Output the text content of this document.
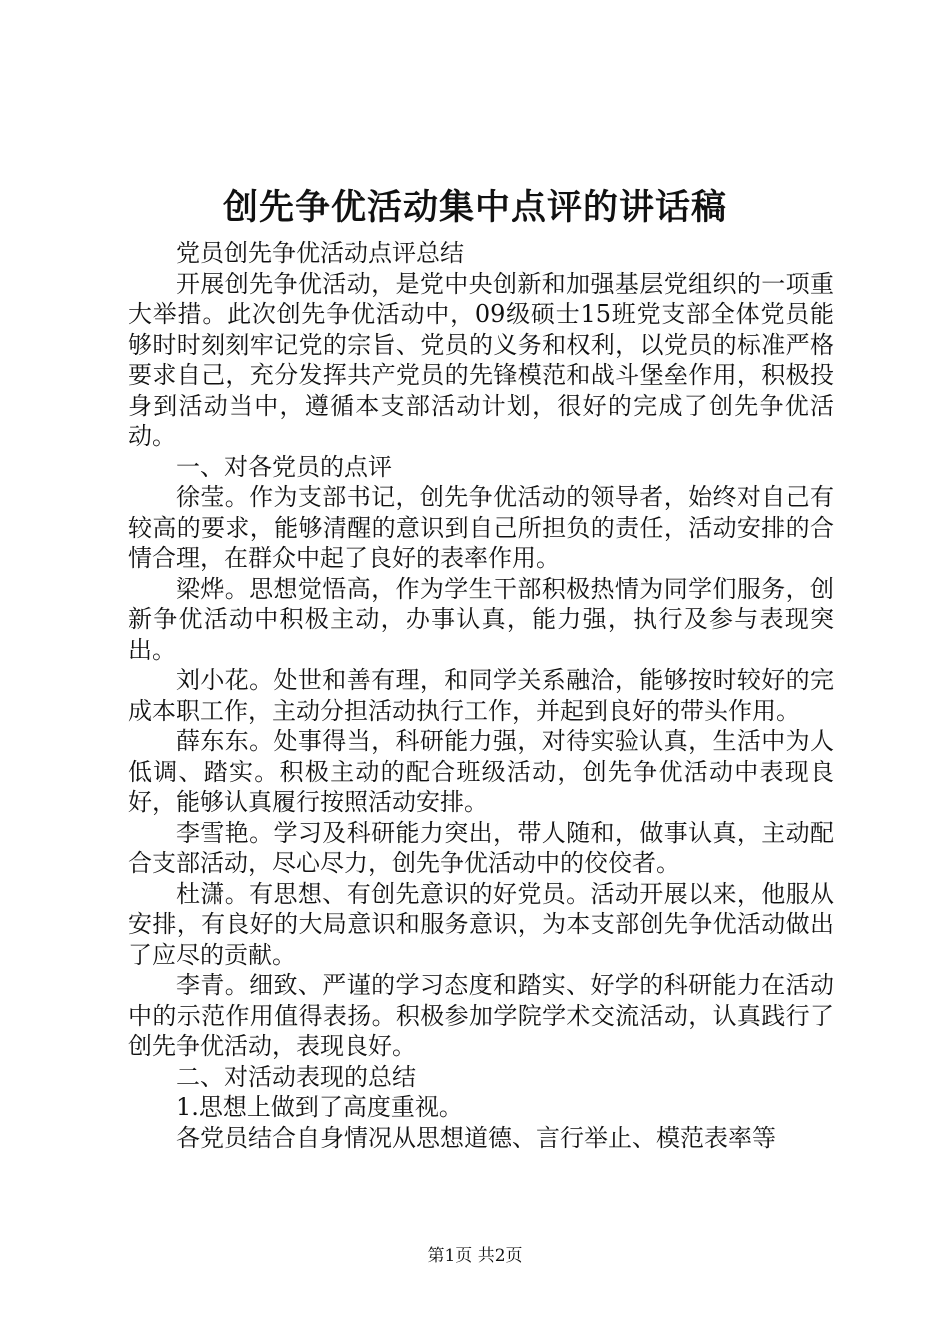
创先争优活动集中点评的讲话稿

党员创先争优活动点评总结

开展创先争优活动，是党中央创新和加强基层党组织的一项重大举措。此次创先争优活动中，09级硕士15班党支部全体党员能够时时刻刻牢记党的宗旨、党员的义务和权利，以党员的标准严格要求自己，充分发挥共产党员的先锋模范和战斗堡垒作用，积极投身到活动当中，遵循本支部活动计划，很好的完成了创先争优活动。

一、对各党员的点评

徐莹。作为支部书记，创先争优活动的领导者，始终对自己有较高的要求，能够清醒的意识到自己所担负的责任，活动安排的合情合理，在群众中起了良好的表率作用。

梁烨。思想觉悟高，作为学生干部积极热情为同学们服务，创新争优活动中积极主动，办事认真，能力强，执行及参与表现突出。

刘小花。处世和善有理，和同学关系融洽，能够按时较好的完成本职工作，主动分担活动执行工作，并起到良好的带头作用。

薛东东。处事得当，科研能力强，对待实验认真，生活中为人低调、踏实。积极主动的配合班级活动，创先争优活动中表现良好，能够认真履行按照活动安排。

李雪艳。学习及科研能力突出，带人随和，做事认真，主动配合支部活动，尽心尽力，创先争优活动中的佼佼者。

杜潇。有思想、有创先意识的好党员。活动开展以来，他服从安排，有良好的大局意识和服务意识，为本支部创先争优活动做出了应尽的贡献。

李青。细致、严谨的学习态度和踏实、好学的科研能力在活动中的示范作用值得表扬。积极参加学院学术交流活动，认真践行了创先争优活动，表现良好。

二、对活动表现的总结

1.思想上做到了高度重视。

各党员结合自身情况从思想道德、言行举止、模范表率等

第1页 共2页
